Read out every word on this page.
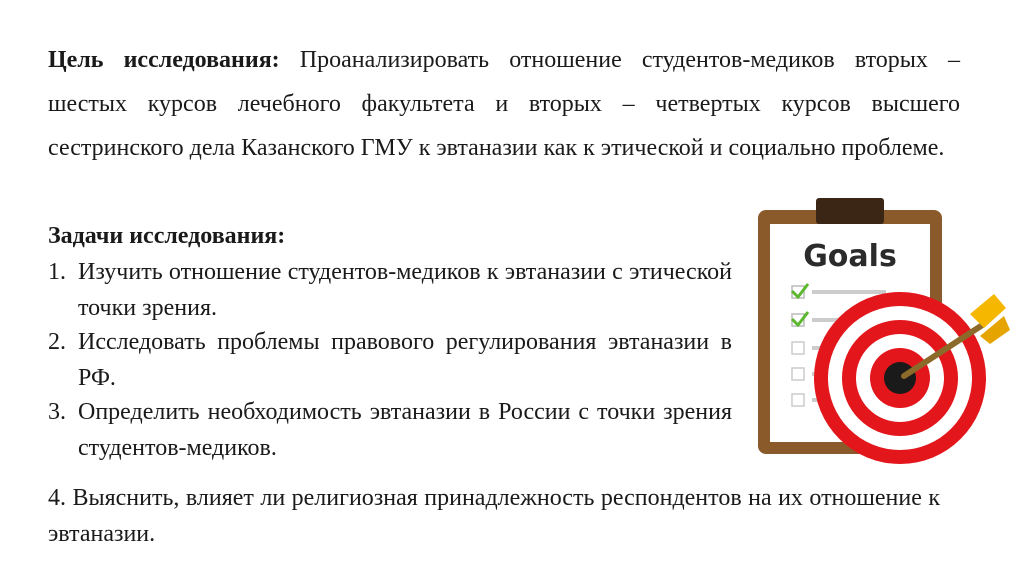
Цель исследования: Проанализировать отношение студентов-медиков вторых – шестых курсов лечебного факультета и вторых – четвертых курсов высшего сестринского дела Казанского ГМУ к эвтаназии как к этической и социально проблеме.
Задачи исследования:
1. Изучить отношение студентов-медиков к эвтаназии с этической точки зрения.
2. Исследовать проблемы правового регулирования эвтаназии в РФ.
3. Определить необходимость эвтаназии в России с точки зрения студентов-медиков.
4. Выяснить, влияет ли религиозная принадлежность респондентов на их отношение к эвтаназии.
Goals
